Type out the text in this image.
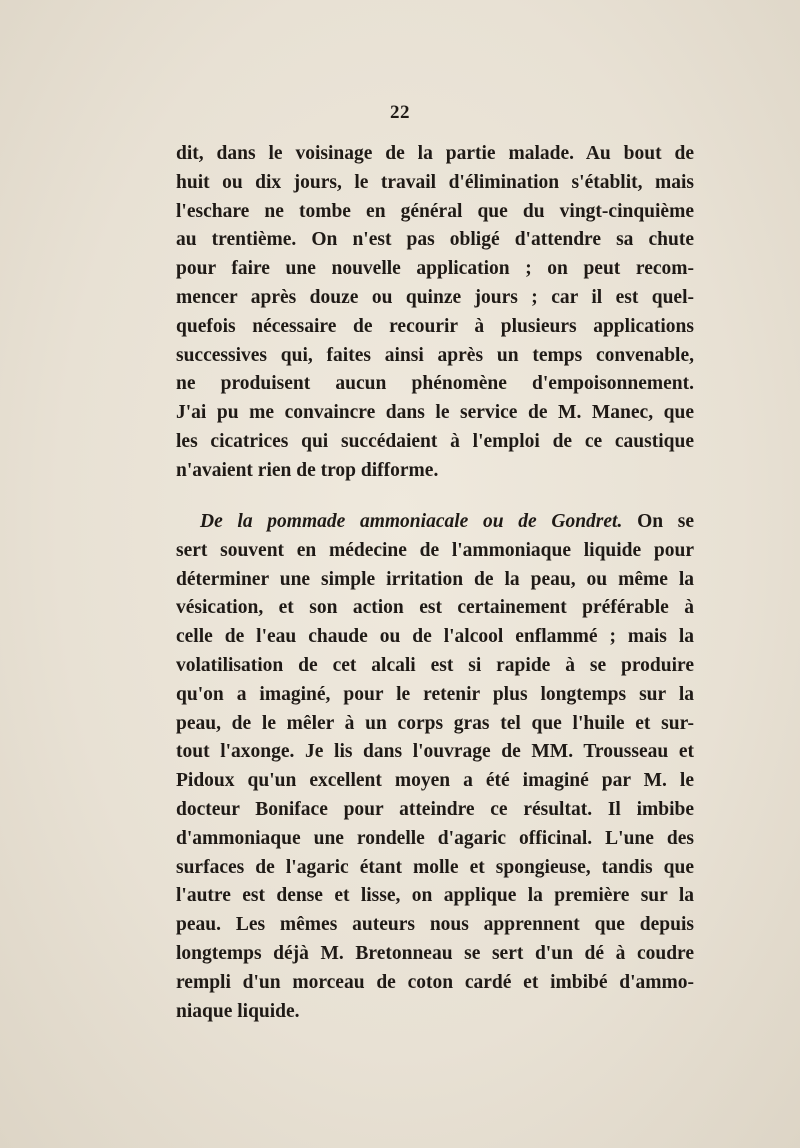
22
dit, dans le voisinage de la partie malade. Au bout de
huit ou dix jours, le travail d'élimination s'établit, mais
l'eschare ne tombe en général que du vingt-cinquième
au trentième. On n'est pas obligé d'attendre sa chute
pour faire une nouvelle application ; on peut recom-
mencer après douze ou quinze jours ; car il est quel-
quefois nécessaire de recourir à plusieurs applications
successives qui, faites ainsi après un temps convenable,
ne produisent aucun phénomène d'empoisonnement.
J'ai pu me convaincre dans le service de M. Manec, que
les cicatrices qui succédaient à l'emploi de ce caustique
n'avaient rien de trop difforme.
De la pommade ammoniacale ou de Gondret. On se
sert souvent en médecine de l'ammoniaque liquide pour
déterminer une simple irritation de la peau, ou même la
vésication, et son action est certainement préférable à
celle de l'eau chaude ou de l'alcool enflammé ; mais la
volatilisation de cet alcali est si rapide à se produire
qu'on a imaginé, pour le retenir plus longtemps sur la
peau, de le mêler à un corps gras tel que l'huile et sur-
tout l'axonge. Je lis dans l'ouvrage de MM. Trousseau et
Pidoux qu'un excellent moyen a été imaginé par M. le
docteur Boniface pour atteindre ce résultat. Il imbibe
d'ammoniaque une rondelle d'agaric officinal. L'une des
surfaces de l'agaric étant molle et spongieuse, tandis que
l'autre est dense et lisse, on applique la première sur la
peau. Les mêmes auteurs nous apprennent que depuis
longtemps déjà M. Bretonneau se sert d'un dé à coudre
rempli d'un morceau de coton cardé et imbibé d'ammo-
niaque liquide.
